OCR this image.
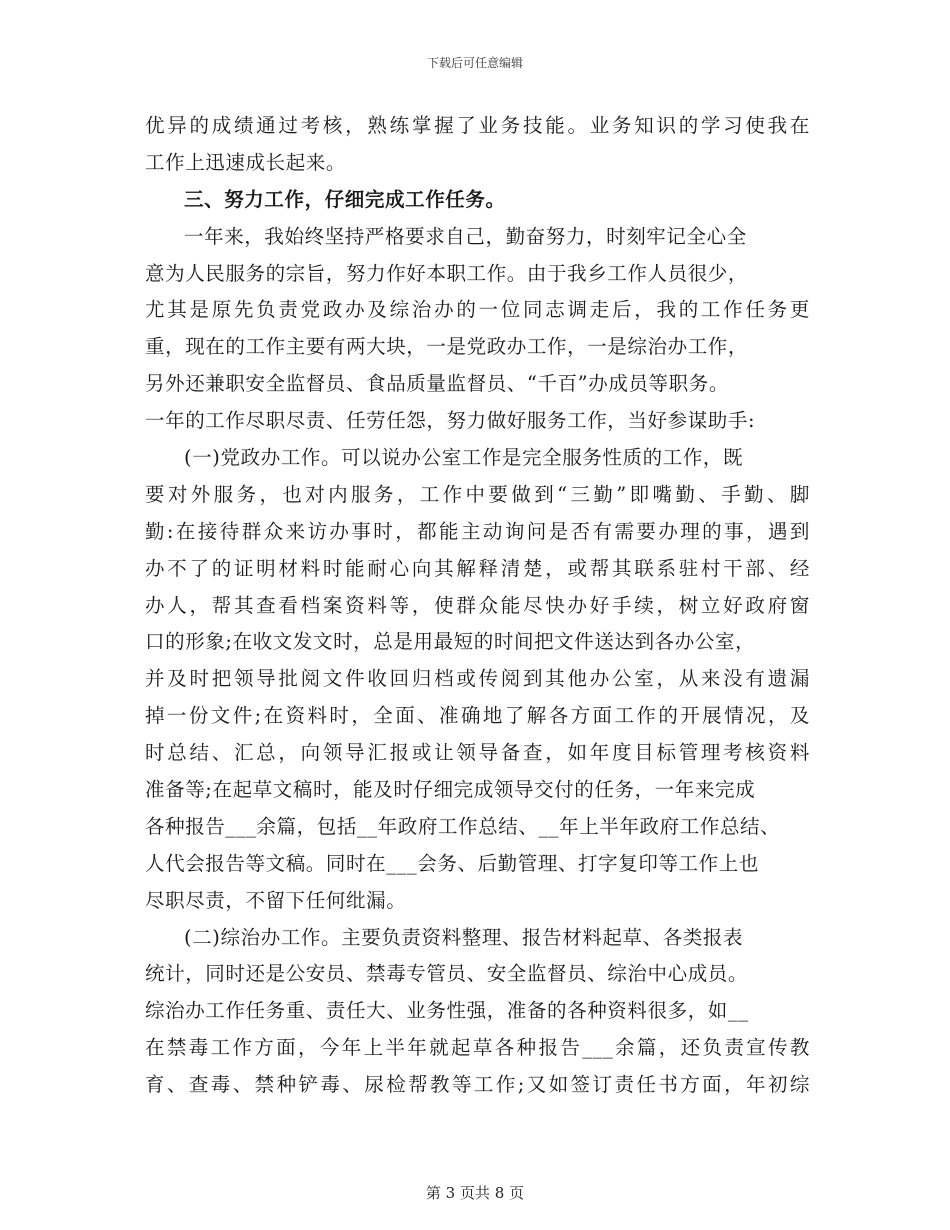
下载后可任意编辑
优异的成绩通过考核，熟练掌握了业务技能。业务知识的学习使我在
工作上迅速成长起来。
三、努力工作，仔细完成工作任务。
一年来，我始终坚持严格要求自己，勤奋努力，时刻牢记全心全
意为人民服务的宗旨，努力作好本职工作。由于我乡工作人员很少，
尤其是原先负责党政办及综治办的一位同志调走后，我的工作任务更
重，现在的工作主要有两大块，一是党政办工作，一是综治办工作，
另外还兼职安全监督员、食品质量监督员、“千百”办成员等职务。
一年的工作尽职尽责、任劳任怨，努力做好服务工作，当好参谋助手:
(一)党政办工作。可以说办公室工作是完全服务性质的工作，既
要对外服务，也对内服务，工作中要做到“三勤”即嘴勤、手勤、脚
勤:在接待群众来访办事时，都能主动询问是否有需要办理的事，遇到
办不了的证明材料时能耐心向其解释清楚，或帮其联系驻村干部、经
办人，帮其查看档案资料等，使群众能尽快办好手续，树立好政府窗
口的形象;在收文发文时，总是用最短的时间把文件送达到各办公室，
并及时把领导批阅文件收回归档或传阅到其他办公室，从来没有遗漏
掉一份文件;在资料时，全面、准确地了解各方面工作的开展情况，及
时总结、汇总，向领导汇报或让领导备查，如年度目标管理考核资料
准备等;在起草文稿时，能及时仔细完成领导交付的任务，一年来完成
各种报告___余篇，包括__年政府工作总结、__年上半年政府工作总结、
人代会报告等文稿。同时在___会务、后勤管理、打字复印等工作上也
尽职尽责，不留下任何纰漏。
(二)综治办工作。主要负责资料整理、报告材料起草、各类报表
统计，同时还是公安员、禁毒专管员、安全监督员、综治中心成员。
综治办工作任务重、责任大、业务性强，准备的各种资料很多，如__
在禁毒工作方面，今年上半年就起草各种报告___余篇，还负责宣传教
育、查毒、禁种铲毒、尿检帮教等工作;又如签订责任书方面，年初综
第 3 页共 8 页
